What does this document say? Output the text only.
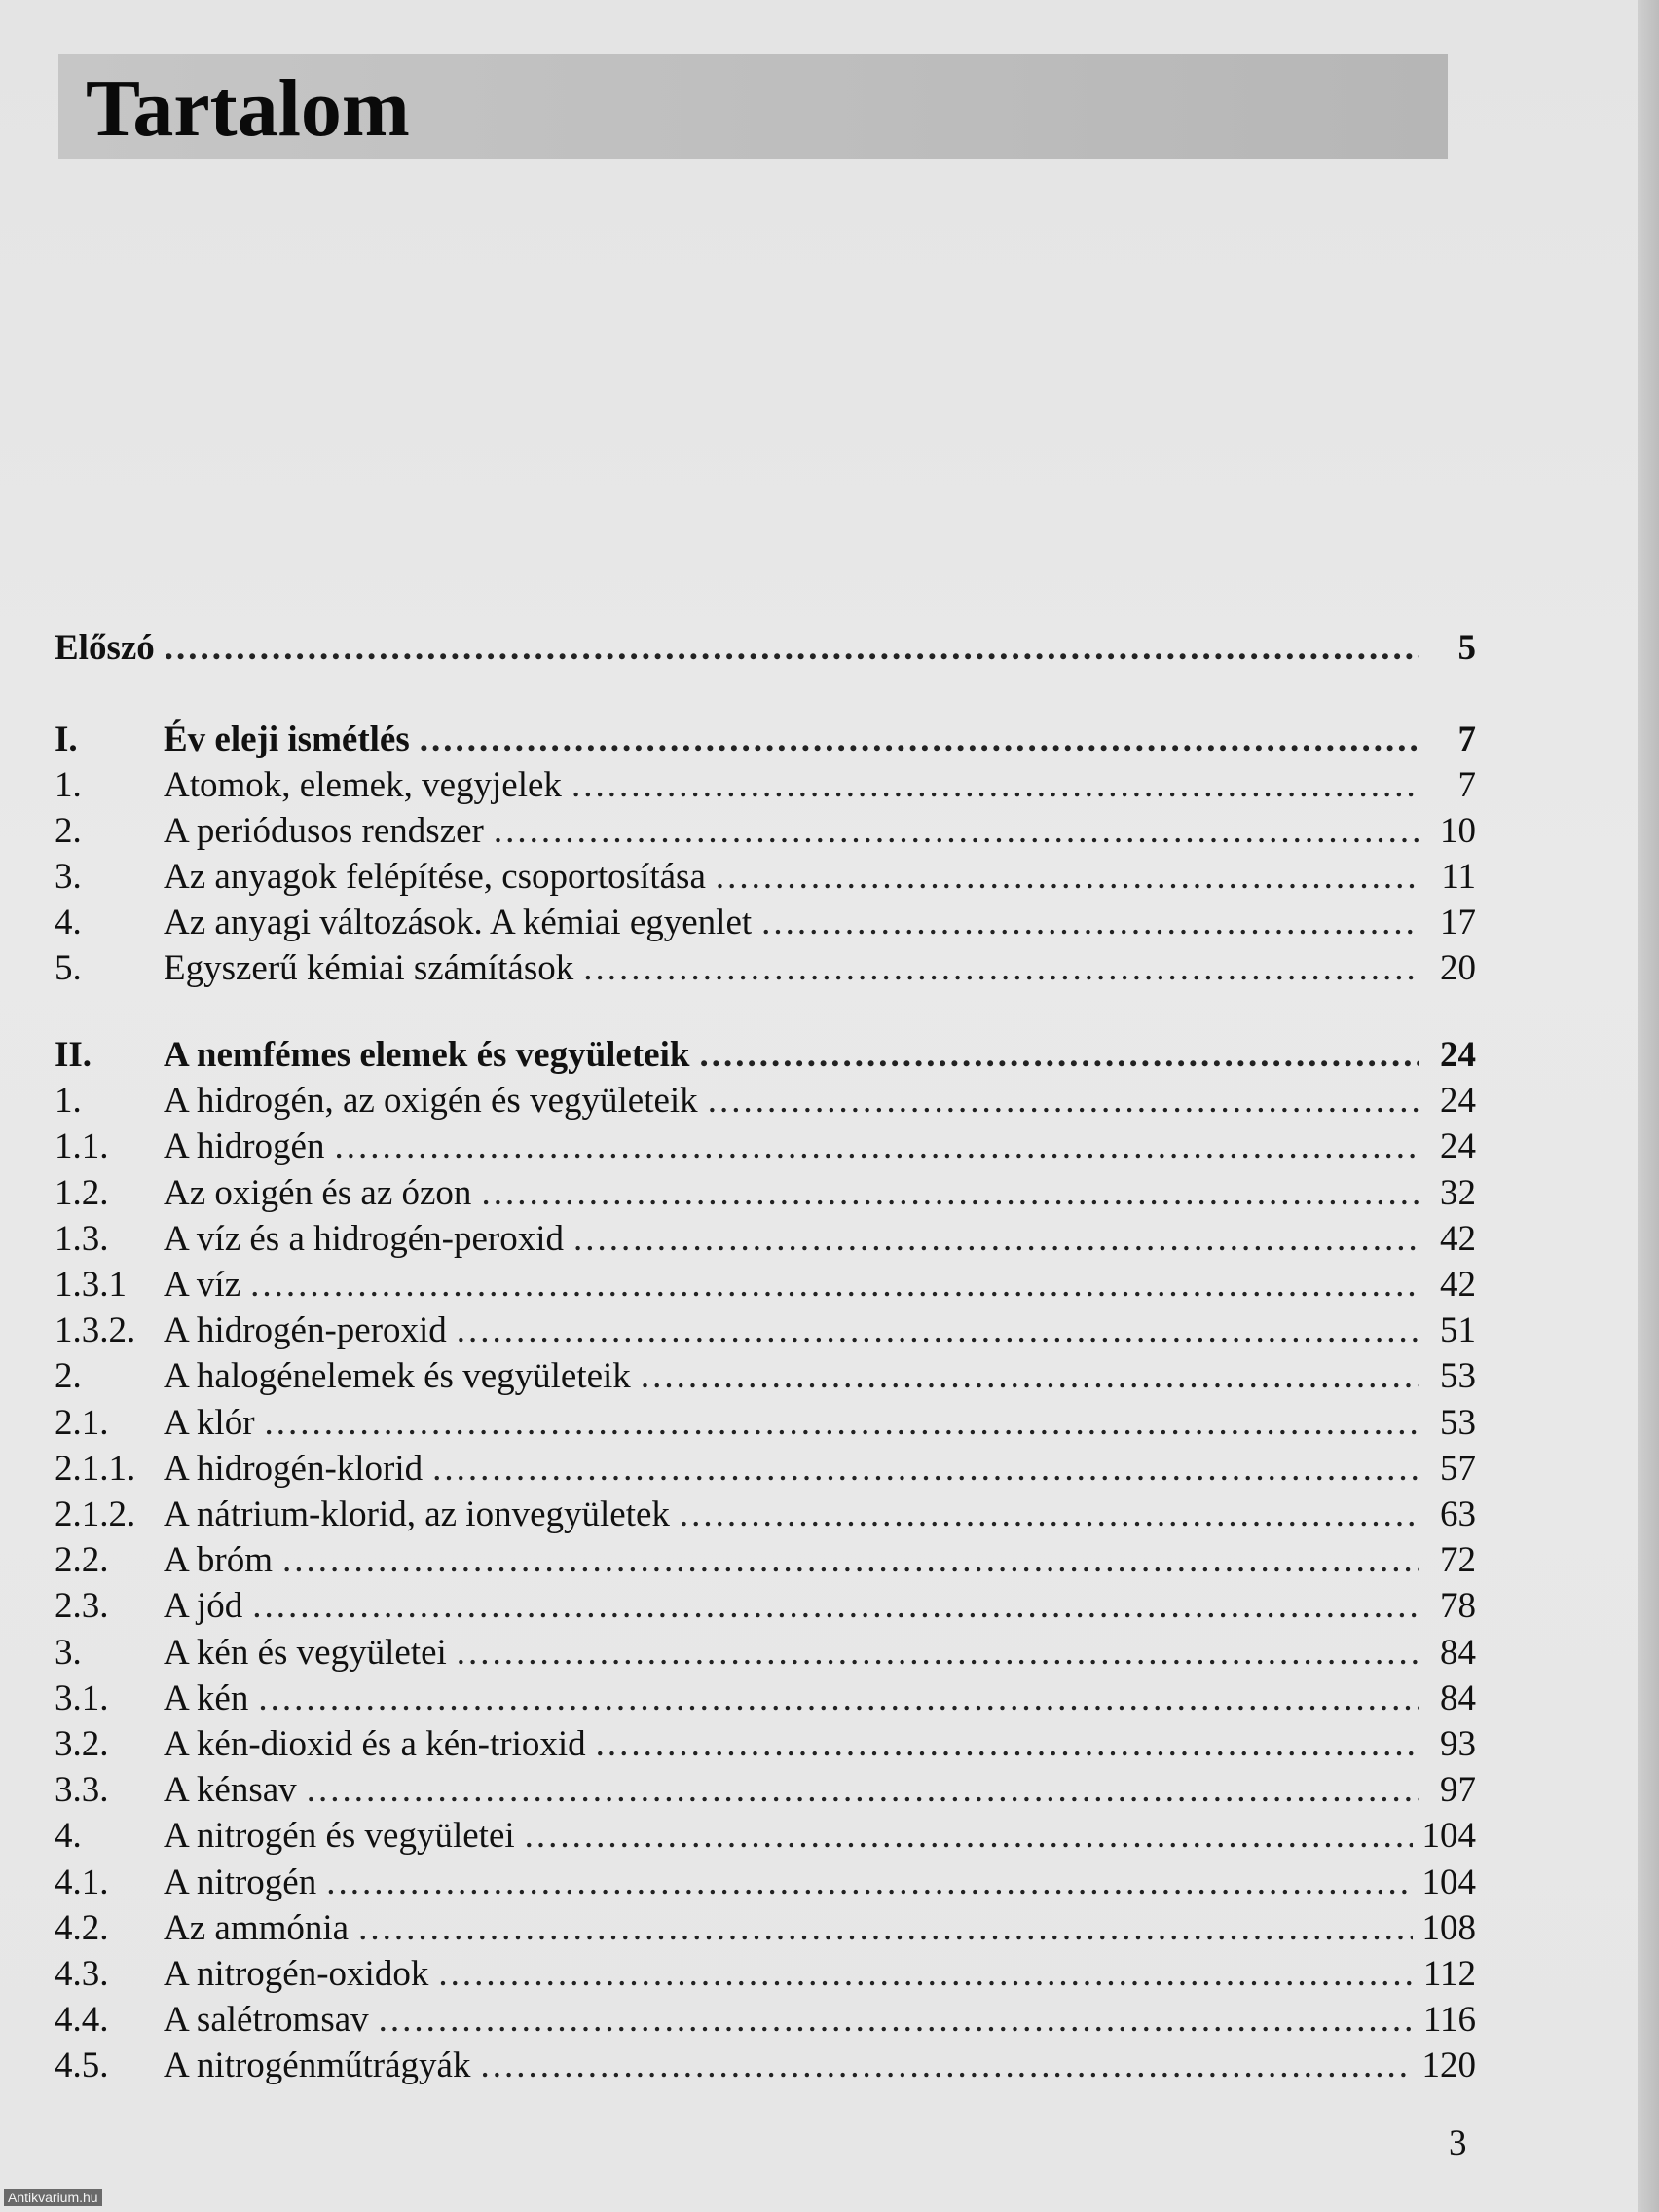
Tartalom
Előszó .....	5
I.	Év eleji ismétlés .....	7
1.	Atomok, elemek, vegyjelek .....	7
2.	A periódusos rendszer .....	10
3.	Az anyagok felépítése, csoportosítása .....	11
4.	Az anyagi változások. A kémiai egyenlet .....	17
5.	Egyszerű kémiai számítások .....	20
II.	A nemfémes elemek és vegyületeik .....	24
1.	A hidrogén, az oxigén és vegyületeik .....	24
1.1.	A hidrogén .....	24
1.2.	Az oxigén és az ózon .....	32
1.3.	A víz és a hidrogén-peroxid .....	42
1.3.1	A víz .....	42
1.3.2. A hidrogén-peroxid .....	51
2.	A halogénelemek és vegyületeik .....	53
2.1.	A klór .....	53
2.1.1. A hidrogén-klorid .....	57
2.1.2. A nátrium-klorid, az ionvegyületek .....	63
2.2.	A bróm .....	72
2.3.	A jód .....	78
3.	A kén és vegyületei .....	84
3.1.	A kén .....	84
3.2.	A kén-dioxid és a kén-trioxid .....	93
3.3.	A kénsav .....	97
4.	A nitrogén és vegyületei .....	104
4.1.	A nitrogén .....	104
4.2.	Az ammónia .....	108
4.3.	A nitrogén-oxidok .....	112
4.4.	A salétromsav .....	116
4.5.	A nitrogénműtrágyák .....	120
3
Antikvarium.hu
